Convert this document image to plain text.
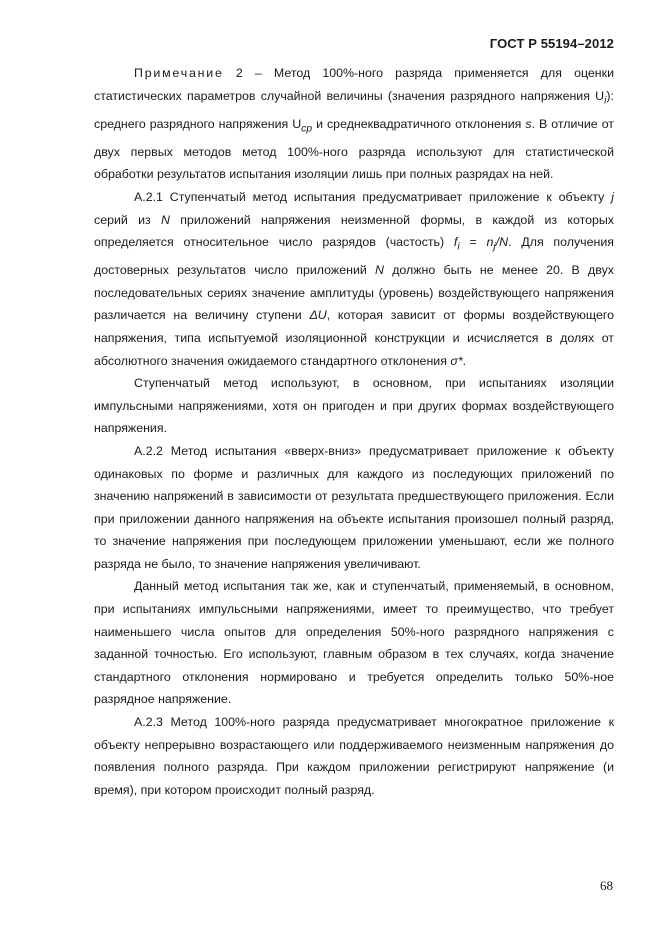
ГОСТ Р 55194–2012

Примечание 2 – Метод 100%-ного разряда применяется для оценки статистических параметров случайной величины (значения разрядного напряжения $U_i$): среднего разрядного напряжения $U_{ср}$ и среднеквадратичного отклонения s. В отличие от двух первых методов метод 100%-ного разряда используют для статистической обработки результатов испытания изоляции лишь при полных разрядах на ней.

А.2.1 Ступенчатый метод испытания предусматривает приложение к объекту j серий из N приложений напряжения неизменной формы, в каждой из которых определяется относительное число разрядов (частость) $f_i = n_j/N$. Для получения достоверных результатов число приложений N должно быть не менее 20. В двух последовательных сериях значение амплитуды (уровень) воздействующего напряжения различается на величину ступени ΔU, которая зависит от формы воздействующего напряжения, типа испытуемой изоляционной конструкции и исчисляется в долях от абсолютного значения ожидаемого стандартного отклонения σ*.

Ступенчатый метод используют, в основном, при испытаниях изоляции импульсными напряжениями, хотя он пригоден и при других формах воздействующего напряжения.

А.2.2 Метод испытания «вверх-вниз» предусматривает приложение к объекту одинаковых по форме и различных для каждого из последующих приложений по значению напряжений в зависимости от результата предшествующего приложения. Если при приложении данного напряжения на объекте испытания произошел полный разряд, то значение напряжения при последующем приложении уменьшают, если же полного разряда не было, то значение напряжения увеличивают.

Данный метод испытания так же, как и ступенчатый, применяемый, в основном, при испытаниях импульсными напряжениями, имеет то преимущество, что требует наименьшего числа опытов для определения 50%-ного разрядного напряжения с заданной точностью. Его используют, главным образом в тех случаях, когда значение стандартного отклонения нормировано и требуется определить только 50%-ное разрядное напряжение.

А.2.3 Метод 100%-ного разряда предусматривает многократное приложение к объекту непрерывно возрастающего или поддерживаемого неизменным напряжения до появления полного разряда. При каждом приложении регистрируют напряжение (и время), при котором происходит полный разряд.

68
